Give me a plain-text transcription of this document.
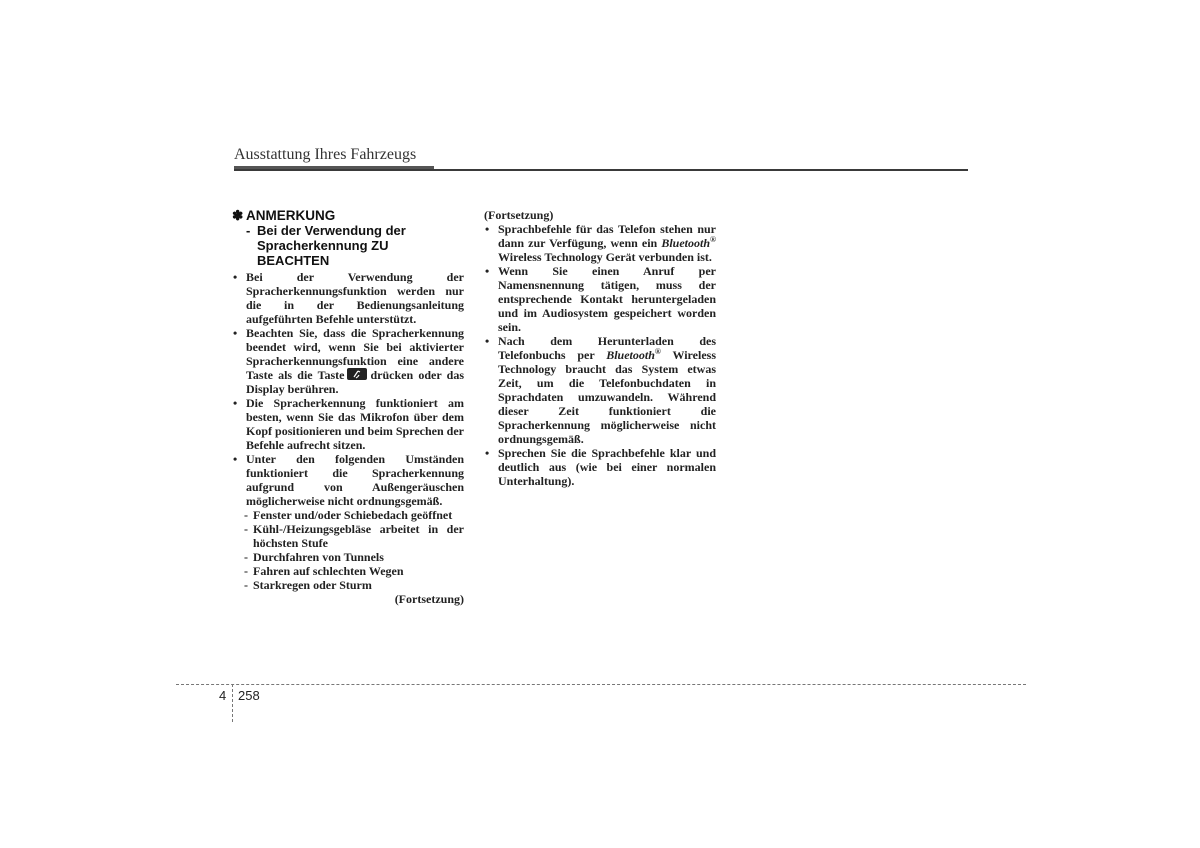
Ausstattung Ihres Fahrzeugs
✽ ANMERKUNG
- Bei der Verwendung der Spracherkennung ZU BEACHTEN
• Bei der Verwendung der Spracherkennungsfunktion werden nur die in der Bedienungsanleitung aufgeführten Befehle unterstützt.
• Beachten Sie, dass die Spracherkennung beendet wird, wenn Sie bei aktivierter Spracherkennungsfunktion eine andere Taste als die Taste drücken oder das Display berühren.
• Die Spracherkennung funktioniert am besten, wenn Sie das Mikrofon über dem Kopf positionieren und beim Sprechen der Befehle aufrecht sitzen.
• Unter den folgenden Umständen funktioniert die Spracherkennung aufgrund von Außengeräuschen möglicherweise nicht ordnungsgemäß.
- Fenster und/oder Schiebedach geöffnet
- Kühl-/Heizungsgebläse arbeitet in der höchsten Stufe
- Durchfahren von Tunnels
- Fahren auf schlechten Wegen
- Starkregen oder Sturm
(Fortsetzung)
(Fortsetzung)
• Sprachbefehle für das Telefon stehen nur dann zur Verfügung, wenn ein Bluetooth® Wireless Technology Gerät verbunden ist.
• Wenn Sie einen Anruf per Namensnennung tätigen, muss der entsprechende Kontakt heruntergeladen und im Audiosystem gespeichert worden sein.
• Nach dem Herunterladen des Telefonbuchs per Bluetooth® Wireless Technology braucht das System etwas Zeit, um die Telefonbuchdaten in Sprachdaten umzuwandeln. Während dieser Zeit funktioniert die Spracherkennung möglicherweise nicht ordnungsgemäß.
• Sprechen Sie die Sprachbefehle klar und deutlich aus (wie bei einer normalen Unterhaltung).
4 258
